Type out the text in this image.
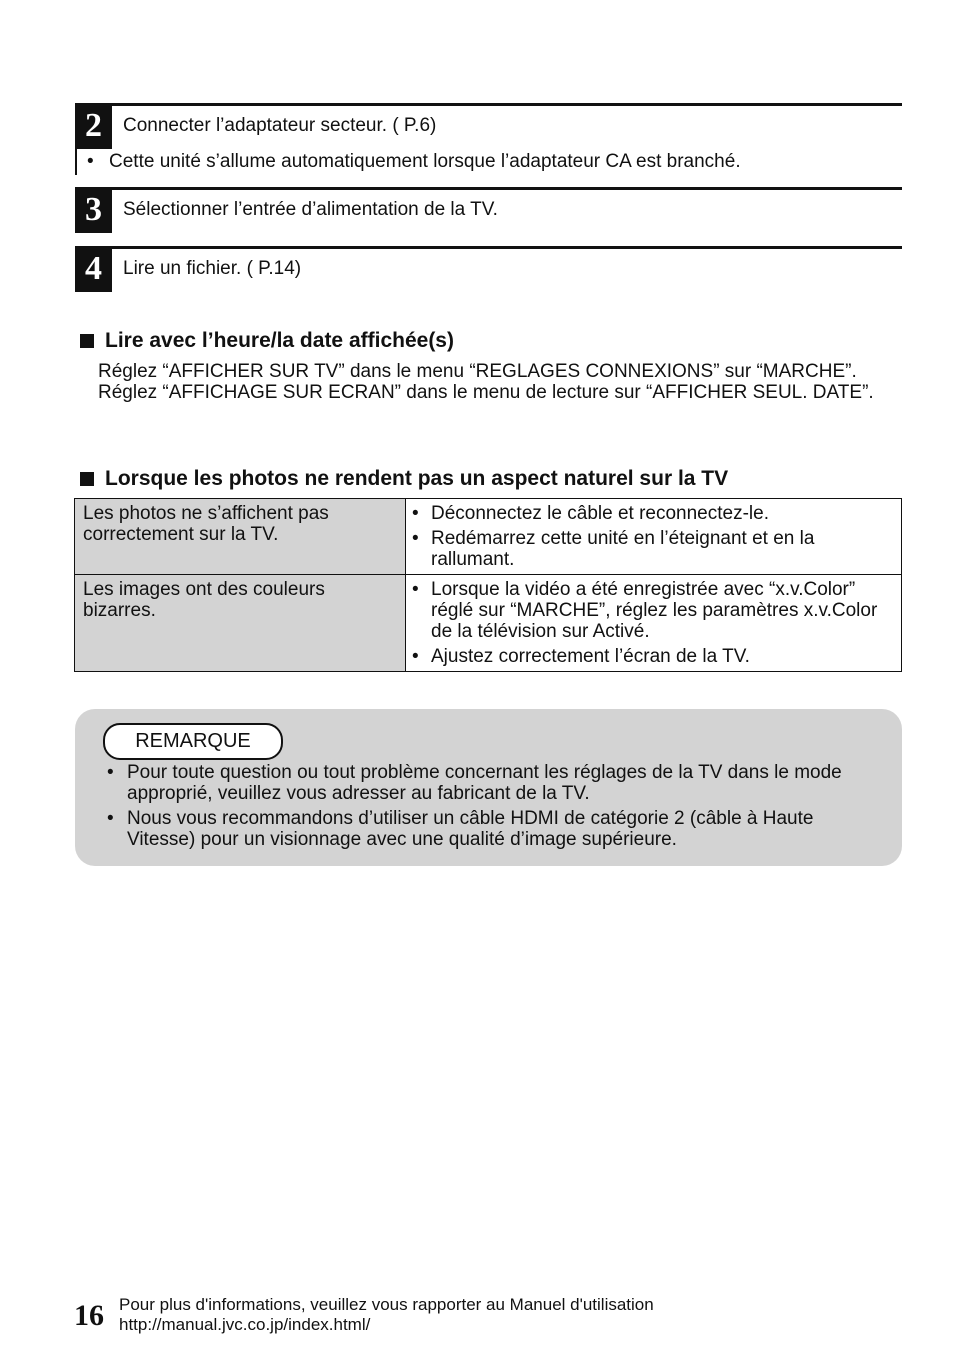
2	Connecter l’adaptateur secteur. ( P.6)
• Cette unité s’allume automatiquement lorsque l’adaptateur CA est branché.
3	Sélectionner l’entrée d’alimentation de la TV.
4	Lire un fichier. ( P.14)
Lire avec l’heure/la date affichée(s)
Réglez “AFFICHER SUR TV” dans le menu “REGLAGES CONNEXIONS” sur “MARCHE”.
Réglez “AFFICHAGE SUR ECRAN” dans le menu de lecture sur “AFFICHER SEUL. DATE”.
Lorsque les photos ne rendent pas un aspect naturel sur la TV
Les photos ne s’affichent pas correctement sur la TV.	• Déconnectez le câble et reconnectez-le.
• Redémarrez cette unité en l’éteignant et en la rallumant.

Les images ont des couleurs bizarres.	• Lorsque la vidéo a été enregistrée avec “x.v.Color” réglé sur “MARCHE”, réglez les paramètres x.v.Color de la télévision sur Activé.
• Ajustez correctement l’écran de la TV.
REMARQUE
• Pour toute question ou tout problème concernant les réglages de la TV dans le mode approprié, veuillez vous adresser au fabricant de la TV.
• Nous vous recommandons d’utiliser un câble HDMI de catégorie 2 (câble à Haute Vitesse) pour un visionnage avec une qualité d’image supérieure.
16 Pour plus d'informations, veuillez vous rapporter au Manuel d'utilisation
http://manual.jvc.co.jp/index.html/
